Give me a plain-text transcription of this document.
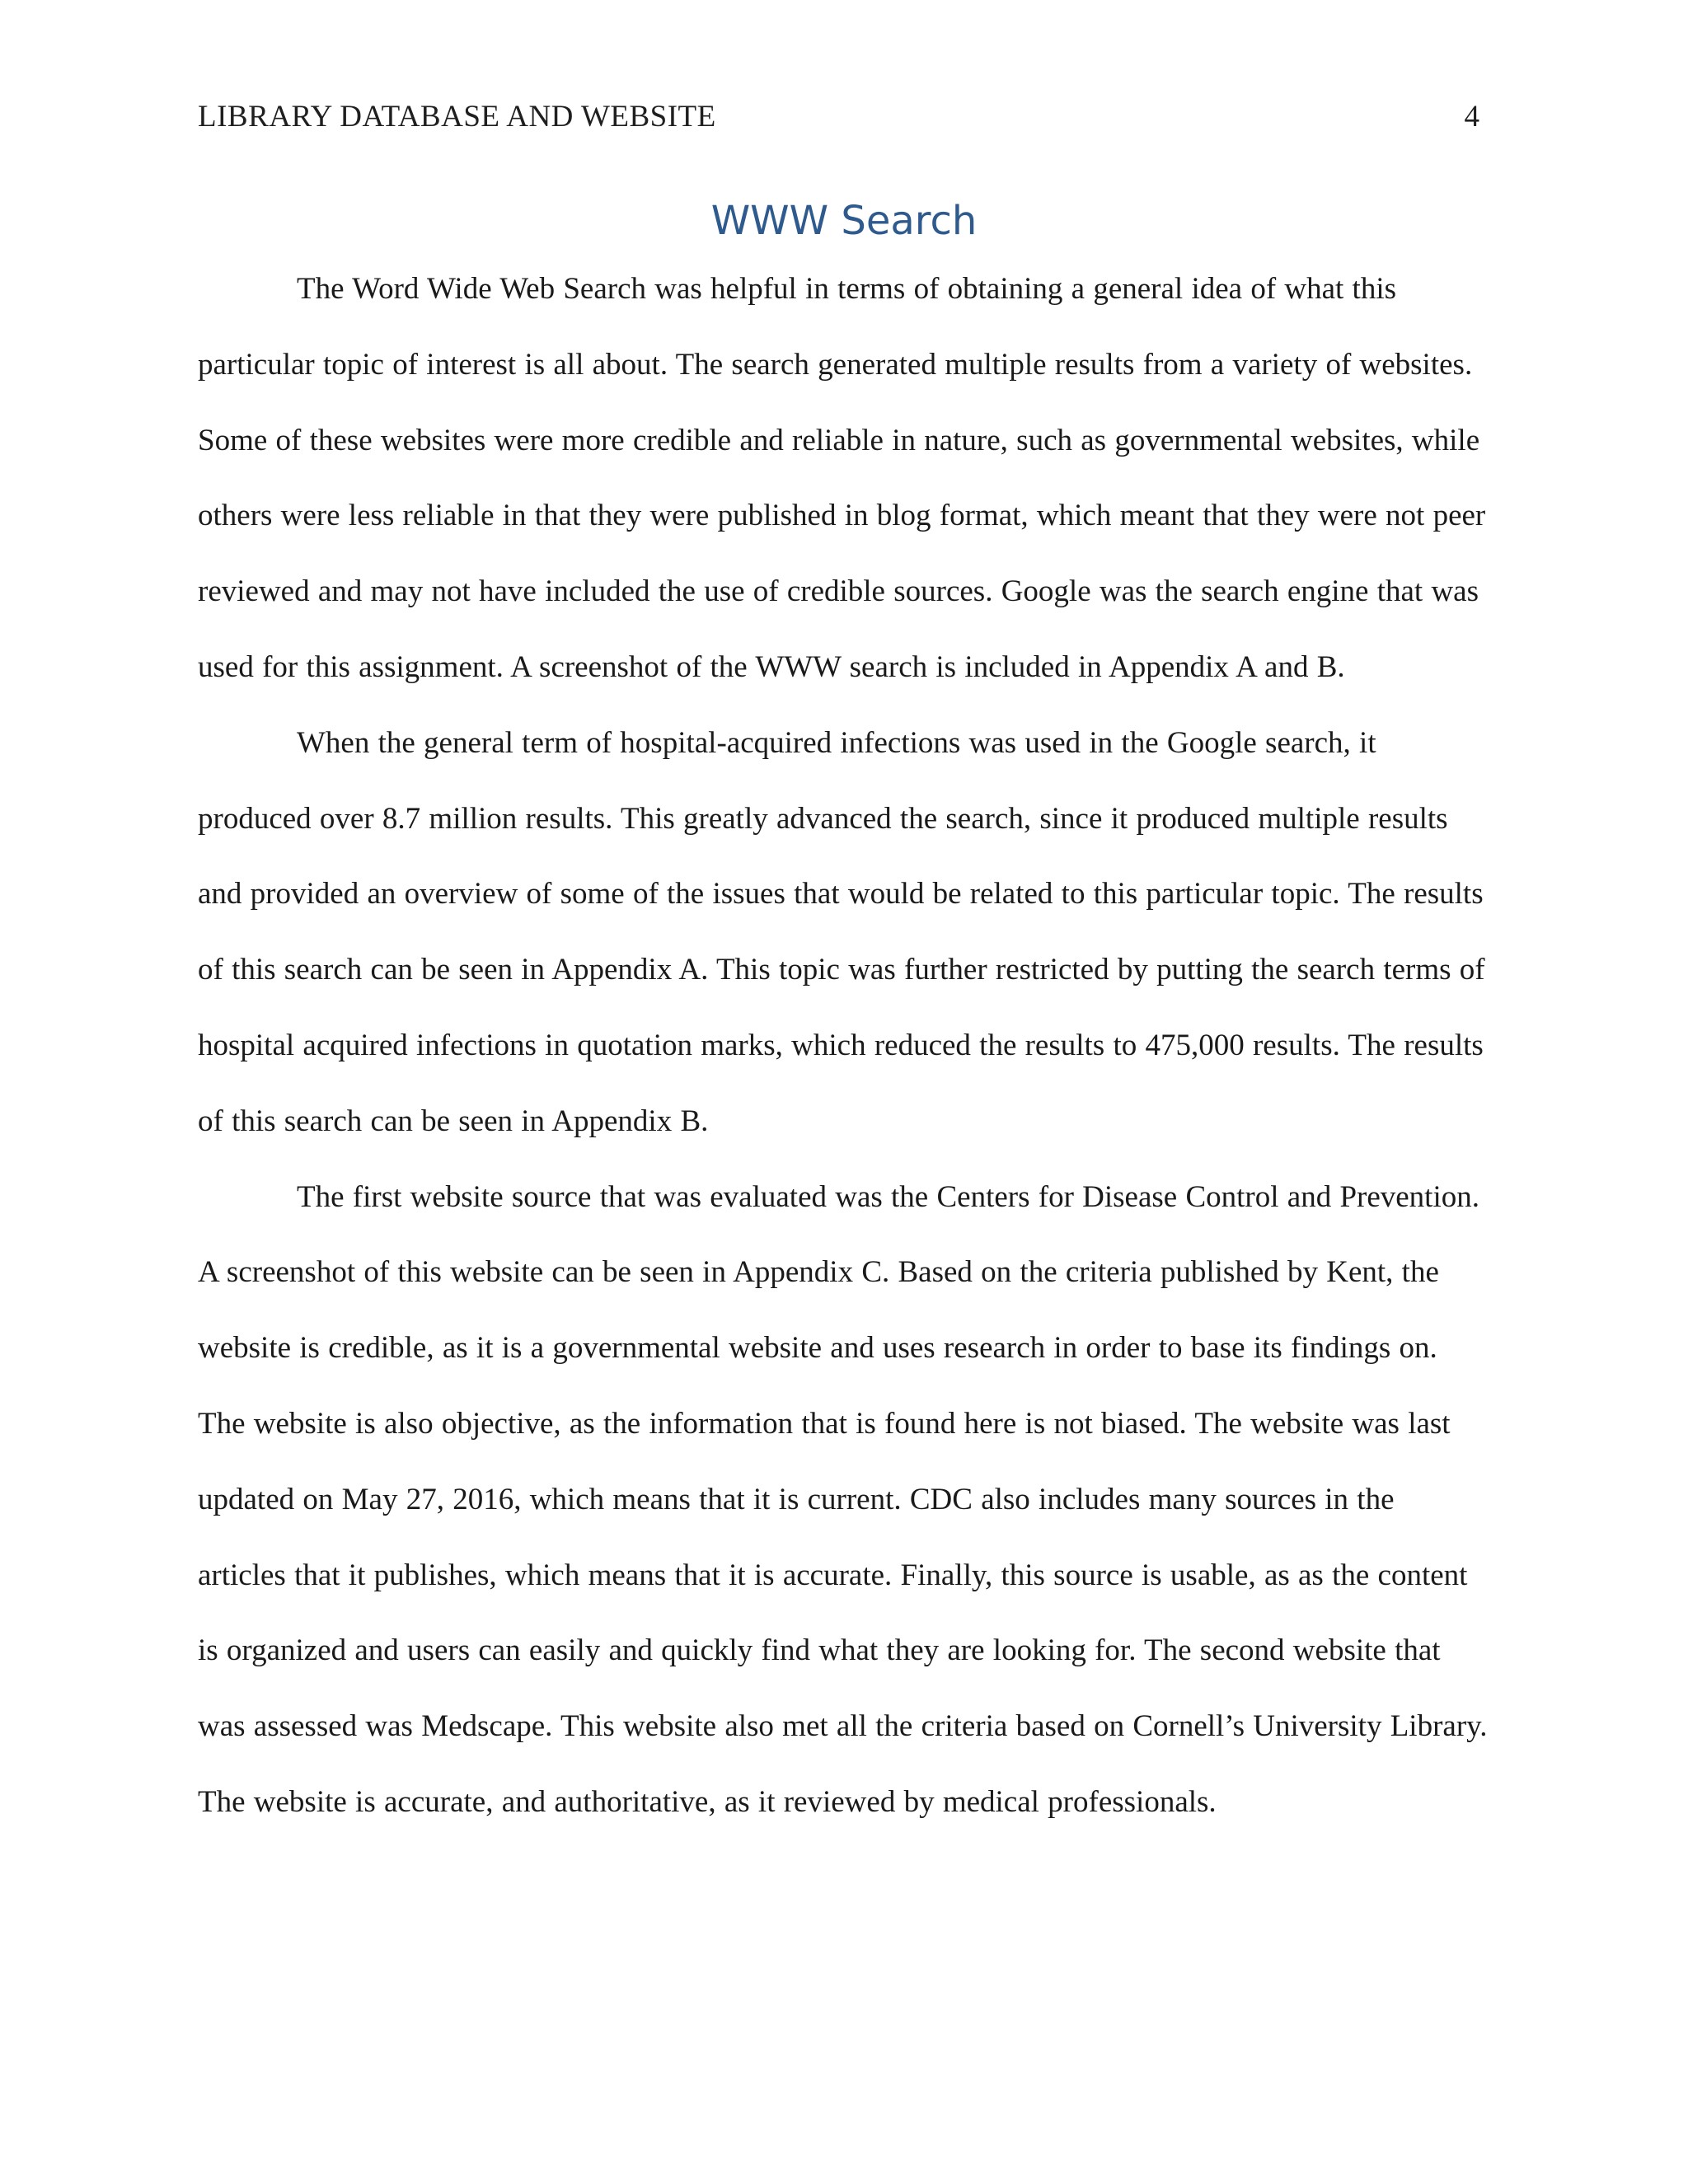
LIBRARY DATABASE AND WEBSITE	4
WWW Search

The Word Wide Web Search was helpful in terms of obtaining a general idea of what this particular topic of interest is all about. The search generated multiple results from a variety of websites. Some of these websites were more credible and reliable in nature, such as governmental websites, while others were less reliable in that they were published in blog format, which meant that they were not peer reviewed and may not have included the use of credible sources. Google was the search engine that was used for this assignment. A screenshot of the WWW search is included in Appendix A and B.

When the general term of hospital-acquired infections was used in the Google search, it produced over 8.7 million results. This greatly advanced the search, since it produced multiple results and provided an overview of some of the issues that would be related to this particular topic. The results of this search can be seen in Appendix A. This topic was further restricted by putting the search terms of hospital acquired infections in quotation marks, which reduced the results to 475,000 results. The results of this search can be seen in Appendix B.

The first website source that was evaluated was the Centers for Disease Control and Prevention. A screenshot of this website can be seen in Appendix C. Based on the criteria published by Kent, the website is credible, as it is a governmental website and uses research in order to base its findings on. The website is also objective, as the information that is found here is not biased. The website was last updated on May 27, 2016, which means that it is current. CDC also includes many sources in the articles that it publishes, which means that it is accurate. Finally, this source is usable, as as the content is organized and users can easily and quickly find what they are looking for. The second website that was assessed was Medscape. This website also met all the criteria based on Cornell’s University Library. The website is accurate, and authoritative, as it reviewed by medical professionals.
